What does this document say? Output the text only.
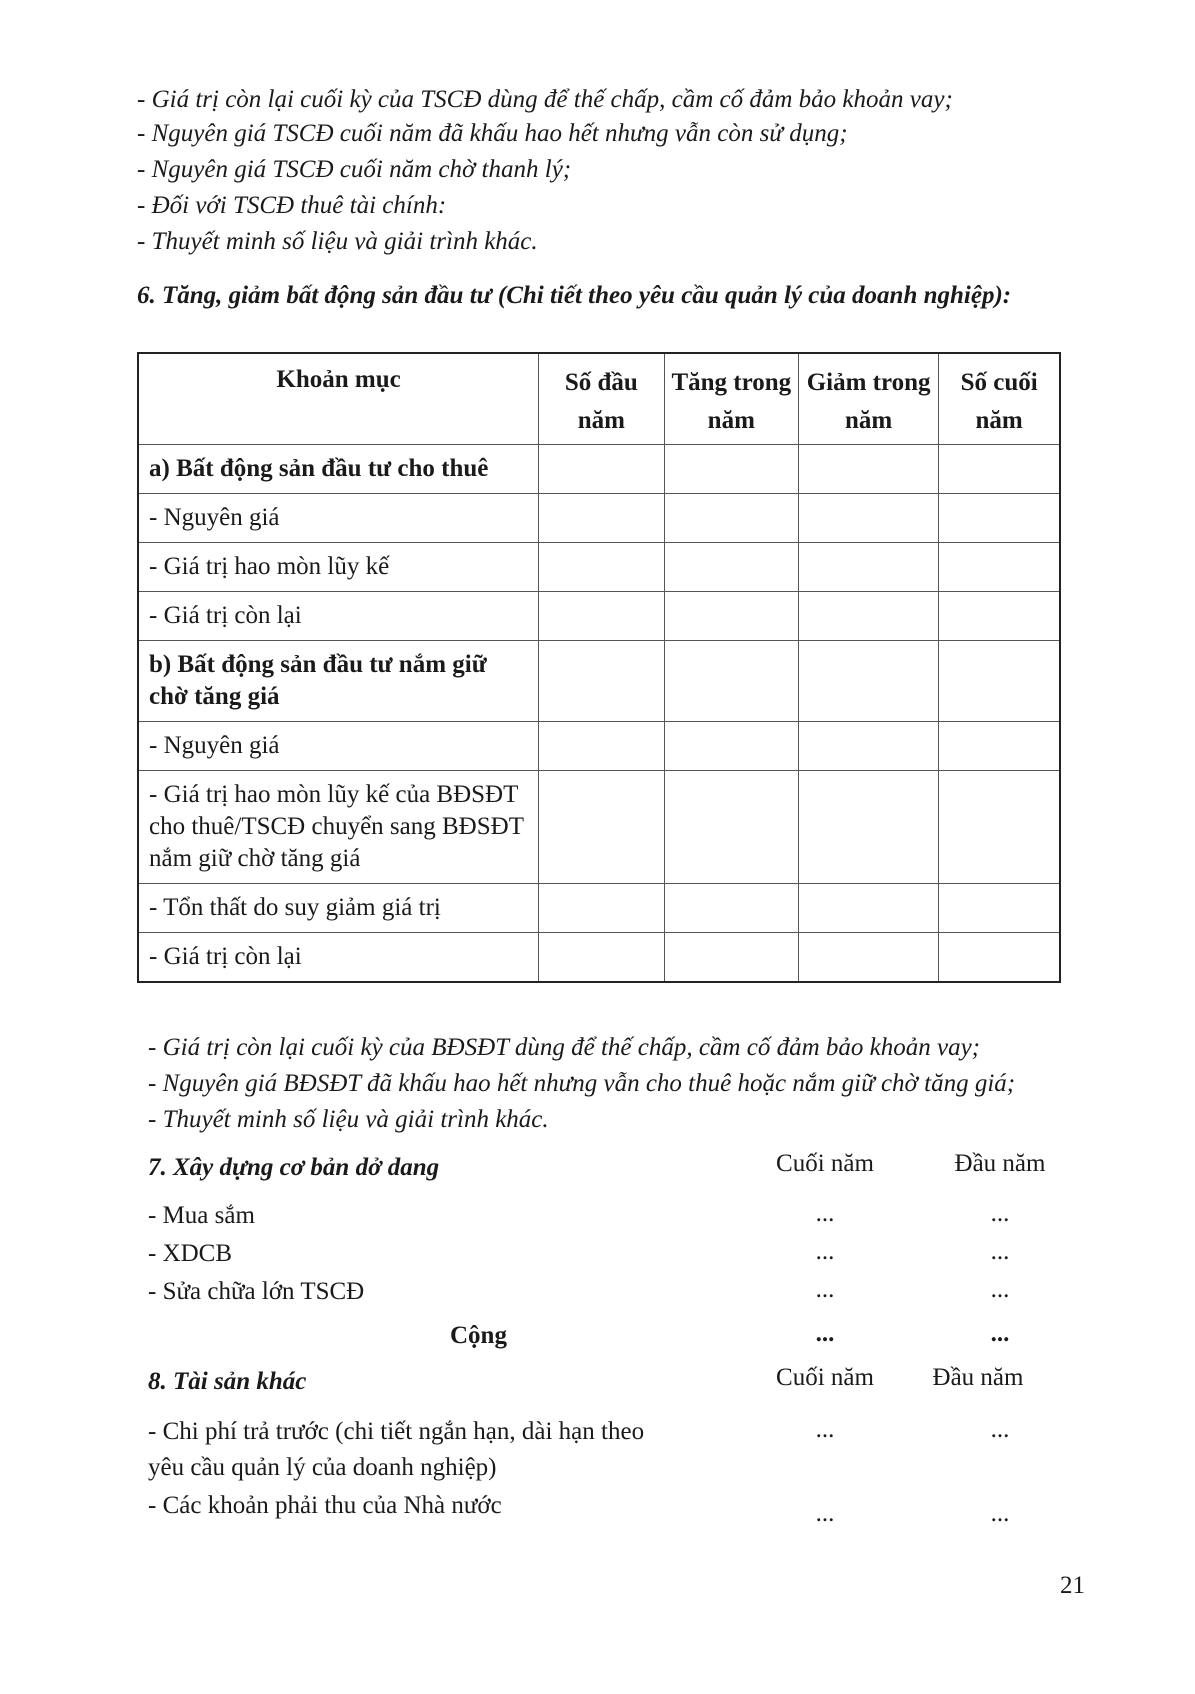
- Giá trị còn lại cuối kỳ của TSCĐ dùng để thế chấp, cầm cố đảm bảo khoản vay;
- Nguyên giá TSCĐ cuối năm đã khấu hao hết nhưng vẫn còn sử dụng;
- Nguyên giá TSCĐ cuối năm chờ thanh lý;
- Đối với TSCĐ thuê tài chính:
- Thuyết minh số liệu và giải trình khác.
6. Tăng, giảm bất động sản đầu tư (Chi tiết theo yêu cầu quản lý của doanh nghiệp):
Khoản mục	Số đầu năm	Tăng trong năm	Giảm trong năm	Số cuối năm
a) Bất động sản đầu tư cho thuê				
- Nguyên giá				
- Giá trị hao mòn lũy kế				
- Giá trị còn lại				
b) Bất động sản đầu tư nắm giữ chờ tăng giá				
- Nguyên giá				
- Giá trị hao mòn lũy kế của BĐSĐT cho thuê/TSCĐ chuyển sang BĐSĐT nắm giữ chờ tăng giá				
- Tổn thất do suy giảm giá trị				
- Giá trị còn lại				
- Giá trị còn lại cuối kỳ của BĐSĐT dùng để thế chấp, cầm cố đảm bảo khoản vay;
- Nguyên giá BĐSĐT đã khấu hao hết nhưng vẫn cho thuê hoặc nắm giữ chờ tăng giá;
- Thuyết minh số liệu và giải trình khác.
7. Xây dựng cơ bản dở dang	Cuối năm	Đầu năm
- Mua sắm	...	...
- XDCB	...	...
- Sửa chữa lớn TSCĐ	...	...
Cộng	...	...
8. Tài sản khác	Cuối năm	Đầu năm
- Chi phí trả trước (chi tiết ngắn hạn, dài hạn theo
yêu cầu quản lý của doanh nghiệp)
...	...
- Các khoản phải thu của Nhà nước	...	...
21
